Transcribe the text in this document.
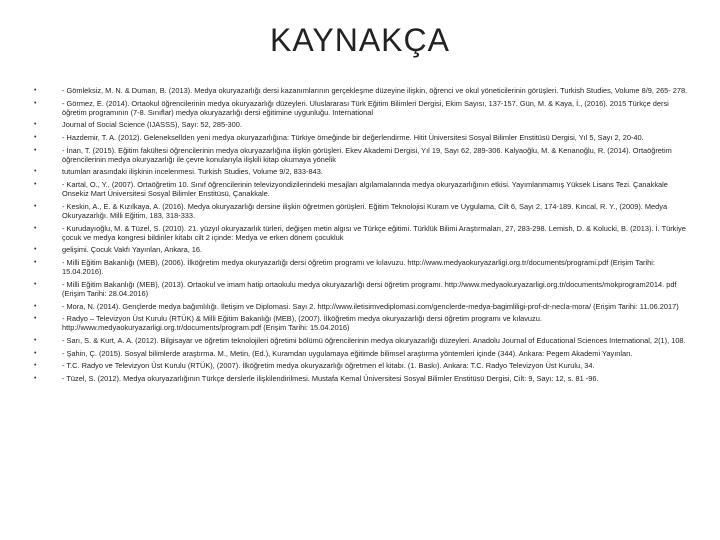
KAYNAKÇA
•	- Gömleksiz, M. N. & Duman, B. (2013). Medya okuryazarlığı dersi kazanımlarının gerçekleşme düzeyine ilişkin, öğrenci ve okul yöneticilerinin görüşleri. Turkish Studies, Volume 8/9, 265- 278.
•	- Görmez, E. (2014). Ortaokul öğrencilerinin medya okuryazarlığı düzeyleri. Uluslararası Türk Eğitim Bilimleri Dergisi, Ekim Sayısı, 137-157. Gün, M. & Kaya, İ., (2016). 2015 Türkçe dersi öğretim programının (7-8. Sınıflar) medya okuryazarlığı dersi eğitimine uygunluğu. International
•	Journal of Social Science (IJASSS), Sayı: 52, 285-300.
•	- Hazdemir, T. A. (2012). Geleneksellden yeni medya okuryazarlığına: Türkiye örneğinde bir değerlendirme. Hitit Üniversitesi Sosyal Bilimler Enstitüsü Dergisi, Yıl 5, Sayı 2, 20-40.
•	- İnan, T. (2015). Eğitim fakültesi öğrencilerinin medya okuryazarlığına ilişkin görüşleri. Ekev Akademi Dergisi, Yıl 19, Sayı 62, 289-306. Kalyaoğlu, M. & Kenanoğlu, R. (2014). Ortaöğretim öğrencilerinin medya okuryazarlığı ile çevre konularıyla ilişkili kitap okumaya yönelik
•	tutumları arasındaki ilişkinin incelenmesi. Turkish Studies, Volume 9/2, 833-843.
•	- Kartal, O., Y., (2007). Ortaöğretim 10. Sınıf öğrencilerinin televizyondizilerindeki mesajları algılamalarında medya okuryazarlığının etkisi. Yayımlanmamış Yüksek Lisans Tezi. Çanakkale Onsekiz Mart Üniversitesi Sosyal Bilimler Enstitüsü, Çanakkale.
•	- Keskin, A., E. & Kızılkaya, A. (2016). Medya okuryazarlığı dersine ilişkin öğretmen görüşleri. Eğitim Teknolojisi Kuram ve Uygulama, Cilt 6, Sayı 2, 174-189. Kıncal, R. Y., (2009). Medya Okuryazarlığı. Milli Eğitim, 183, 318-333.
•	- Kurudayıoğlu, M. & Tüzel, S. (2010). 21. yüzyıl okuryazarlık türleri, değişen metin algısı ve Türkçe eğitimi. Türklük Bilimi Araştırmaları, 27, 283-298. Lemish, D. & Kolucki, B. (2013). İ. Türkiye çocuk ve medya kongresi bildiriler kitabı cilt 2 içinde: Medya ve erken dönem çocukluk
•	gelişimi. Çocuk Vakfı Yayınları, Ankara, 16.
•	- Milli Eğitim Bakanlığı (MEB), (2006). İlköğretim medya okuryazarlığı dersi öğretim programı ve kılavuzu. http://www.medyaokuryazarligi.org.tr/documents/programi.pdf (Erişim Tarihi: 15.04.2016).
•	- Milli Eğitim Bakanlığı (MEB), (2013). Ortaokul ve imam hatip ortaokulu medya okuryazarlığı dersi öğretim programı. http://www.medyaokuryazarligi.org.tr/documents/mokprogram2014. pdf (Erişim Tarihi: 28.04.2016)
•	- Mora, N. (2014). Gençlerde medya bağımlılığı. İletişim ve Diplomasi. Sayı 2. http://www.iletisimvediplomasi.com/genclerde-medya-bagimliligi-prof-dr-necla-mora/ (Erişim Tarihi: 11.06.2017)
•	- Radyo – Televizyon Üst Kurulu (RTÜK) & Milli Eğitim Bakanlığı (MEB), (2007). İlköğretim medya okuryazarlığı dersi öğretim programı ve kılavuzu. http://www.medyaokuryazarligi.org.tr/documents/program.pdf (Erişim Tarihi: 15.04.2016)
•	- Sarı, S. & Kurt, A. A. (2012). Bilgisayar ve öğretim teknolojileri öğretimi bölümü öğrencilerinin medya okuryazarlığı düzeyleri. Anadolu Journal of Educational Sciences International, 2(1), 108.
•	- Şahin, Ç. (2015). Sosyal bilimlerde araştırma. M., Metin, (Ed.), Kuramdan uygulamaya eğitimde bilimsel araştırma yöntemleri içinde (344). Ankara: Pegem Akademi Yayınları.
•	- T.C. Radyo ve Televizyon Üst Kurulu (RTÜK), (2007). İlköğretim medya okuryazarlığı öğretmen el kitabı. (1. Baskı). Ankara: T.C. Radyo Televizyon Üst Kurulu, 34.
•	- Tüzel, S. (2012). Medya okuryazarlığının Türkçe derslerle ilişkilendirilmesi. Mustafa Kemal Üniversitesi Sosyal Bilimler Enstitüsü Dergisi, Cilt: 9, Sayı: 12, s. 81 -96.
